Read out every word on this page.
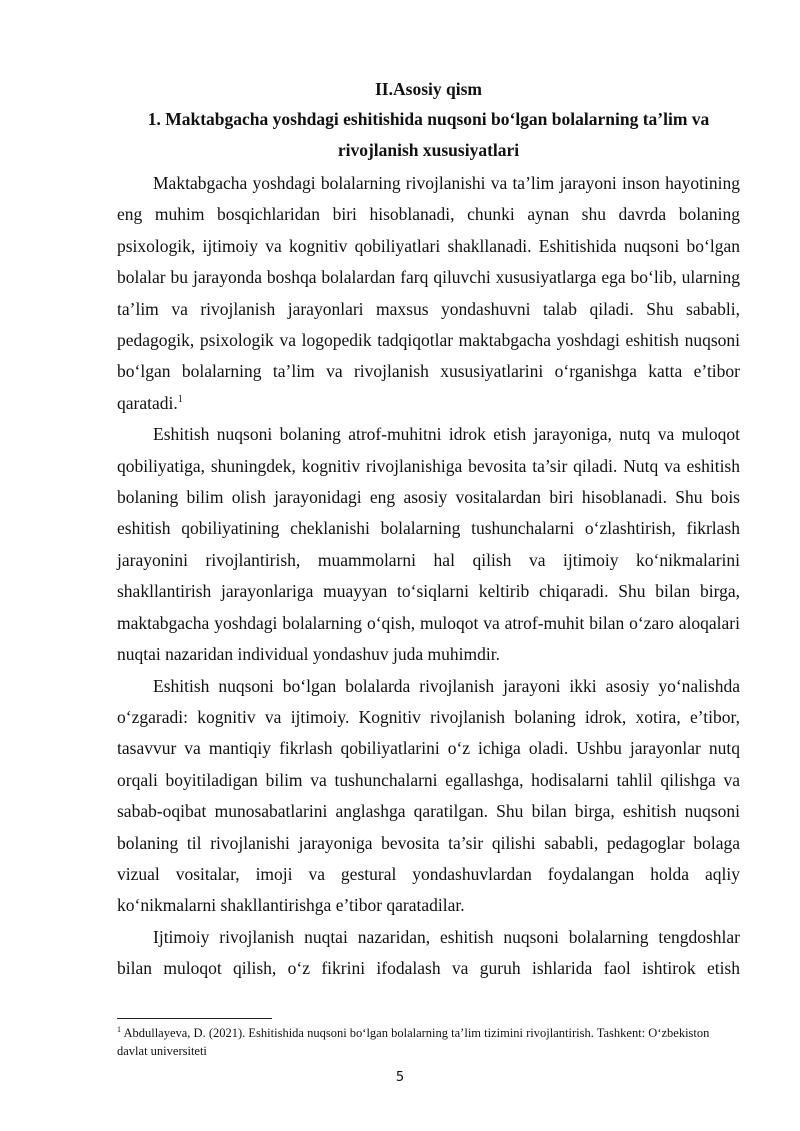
II.Asosiy qism

1. Maktabgacha yoshdagi eshitishida nuqsoni bo‘lgan bolalarning ta’lim va rivojlanish xususiyatlari

Maktabgacha yoshdagi bolalarning rivojlanishi va ta’lim jarayoni inson hayotining eng muhim bosqichlaridan biri hisoblanadi, chunki aynan shu davrda bolaning psixologik, ijtimoiy va kognitiv qobiliyatlari shakllanadi. Eshitishida nuqsoni bo‘lgan bolalar bu jarayonda boshqa bolalardan farq qiluvchi xususiyatlarga ega bo‘lib, ularning ta’lim va rivojlanish jarayonlari maxsus yondashuvni talab qiladi. Shu sababli, pedagogik, psixologik va logopedik tadqiqotlar maktabgacha yoshdagi eshitish nuqsoni bo‘lgan bolalarning ta’lim va rivojlanish xususiyatlarini o‘rganishga katta e’tibor qaratadi.$^1$

Eshitish nuqsoni bolaning atrof-muhitni idrok etish jarayoniga, nutq va muloqot qobiliyatiga, shuningdek, kognitiv rivojlanishiga bevosita ta’sir qiladi. Nutq va eshitish bolaning bilim olish jarayonidagi eng asosiy vositalardan biri hisoblanadi. Shu bois eshitish qobiliyatining cheklanishi bolalarning tushunchalarni o‘zlashtirish, fikrlash jarayonini rivojlantirish, muammolarni hal qilish va ijtimoiy ko‘nikmalarini shakllantirish jarayonlariga muayyan to‘siqlarni keltirib chiqaradi. Shu bilan birga, maktabgacha yoshdagi bolalarning o‘qish, muloqot va atrof-muhit bilan o‘zaro aloqalari nuqtai nazaridan individual yondashuv juda muhimdir.

Eshitish nuqsoni bo‘lgan bolalarda rivojlanish jarayoni ikki asosiy yo‘nalishda o‘zgaradi: kognitiv va ijtimoiy. Kognitiv rivojlanish bolaning idrok, xotira, e’tibor, tasavvur va mantiqiy fikrlash qobiliyatlarini o‘z ichiga oladi. Ushbu jarayonlar nutq orqali boyitiladigan bilim va tushunchalarni egallashga, hodisalarni tahlil qilishga va sabab-oqibat munosabatlarini anglashga qaratilgan. Shu bilan birga, eshitish nuqsoni bolaning til rivojlanishi jarayoniga bevosita ta’sir qilishi sababli, pedagoglar bolaga vizual vositalar, imoji va gestural yondashuvlardan foydalangan holda aqliy ko‘nikmalarni shakllantirishga e’tibor qaratadilar.

Ijtimoiy rivojlanish nuqtai nazaridan, eshitish nuqsoni bolalarning tengdoshlar bilan muloqot qilish, o‘z fikrini ifodalash va guruh ishlarida faol ishtirok etish

$^1$ Abdullayeva, D. (2021). Eshitishida nuqsoni bo‘lgan bolalarning ta’lim tizimini rivojlantirish. Tashkent: O‘zbekiston davlat universiteti

5
